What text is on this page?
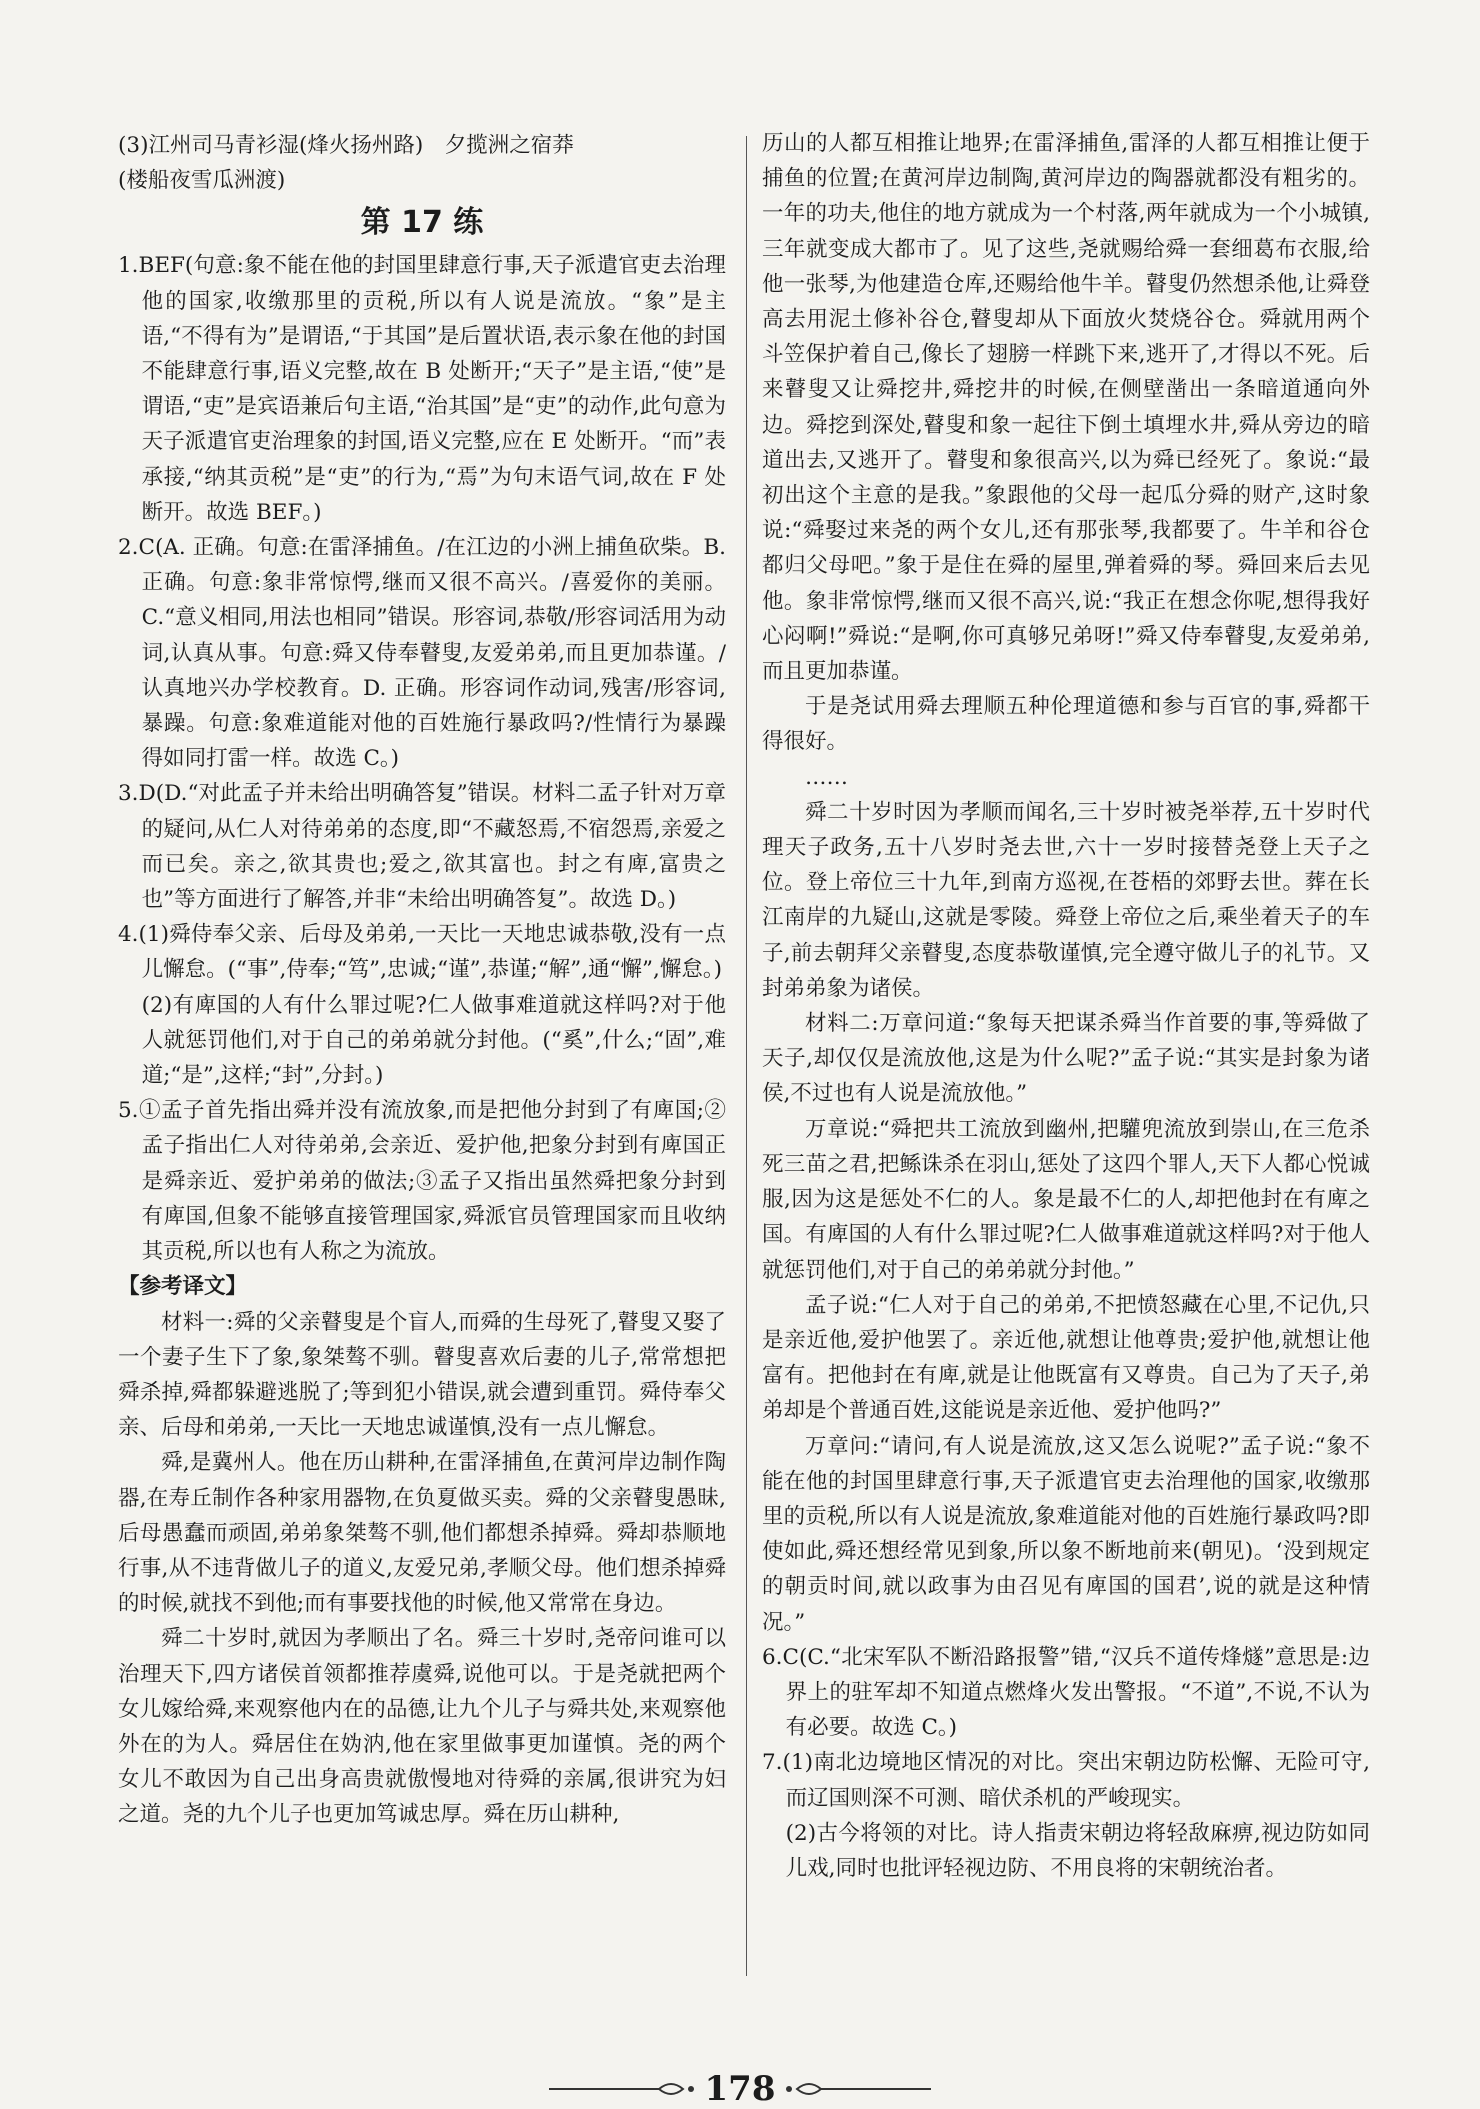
(3)江州司马青衫湿(烽火扬州路)　夕揽洲之宿莽

(楼船夜雪瓜洲渡)

第 17 练

1.BEF(句意:象不能在他的封国里肆意行事,天子派遣官吏去治理他的国家,收缴那里的贡税,所以有人说是流放。“象”是主语,“不得有为”是谓语,“于其国”是后置状语,表示象在他的封国不能肆意行事,语义完整,故在 B 处断开;“天子”是主语,“使”是谓语,“吏”是宾语兼后句主语,“治其国”是“吏”的动作,此句意为天子派遣官吏治理象的封国,语义完整,应在 E 处断开。“而”表承接,“纳其贡税”是“吏”的行为,“焉”为句末语气词,故在 F 处断开。故选 BEF。)

2.C(A. 正确。句意:在雷泽捕鱼。/在江边的小洲上捕鱼砍柴。B. 正确。句意:象非常惊愕,继而又很不高兴。/喜爱你的美丽。C.“意义相同,用法也相同”错误。形容词,恭敬/形容词活用为动词,认真从事。句意:舜又侍奉瞽叟,友爱弟弟,而且更加恭谨。/认真地兴办学校教育。D. 正确。形容词作动词,残害/形容词,暴躁。句意:象难道能对他的百姓施行暴政吗?/性情行为暴躁得如同打雷一样。故选 C。)

3.D(D.“对此孟子并未给出明确答复”错误。材料二孟子针对万章的疑问,从仁人对待弟弟的态度,即“不藏怒焉,不宿怨焉,亲爱之而已矣。亲之,欲其贵也;爱之,欲其富也。封之有庳,富贵之也”等方面进行了解答,并非“未给出明确答复”。故选 D。)

4.(1)舜侍奉父亲、后母及弟弟,一天比一天地忠诚恭敬,没有一点儿懈怠。(“事”,侍奉;“笃”,忠诚;“谨”,恭谨;“解”,通“懈”,懈怠。)

(2)有庳国的人有什么罪过呢?仁人做事难道就这样吗?对于他人就惩罚他们,对于自己的弟弟就分封他。(“奚”,什么;“固”,难道;“是”,这样;“封”,分封。)

5.①孟子首先指出舜并没有流放象,而是把他分封到了有庳国;②孟子指出仁人对待弟弟,会亲近、爱护他,把象分封到有庳国正是舜亲近、爱护弟弟的做法;③孟子又指出虽然舜把象分封到有庳国,但象不能够直接管理国家,舜派官员管理国家而且收纳其贡税,所以也有人称之为流放。

【参考译文】

材料一:舜的父亲瞽叟是个盲人,而舜的生母死了,瞽叟又娶了一个妻子生下了象,象桀骜不驯。瞽叟喜欢后妻的儿子,常常想把舜杀掉,舜都躲避逃脱了;等到犯小错误,就会遭到重罚。舜侍奉父亲、后母和弟弟,一天比一天地忠诚谨慎,没有一点儿懈怠。

舜,是冀州人。他在历山耕种,在雷泽捕鱼,在黄河岸边制作陶器,在寿丘制作各种家用器物,在负夏做买卖。舜的父亲瞽叟愚昧,后母愚蠢而顽固,弟弟象桀骜不驯,他们都想杀掉舜。舜却恭顺地行事,从不违背做儿子的道义,友爱兄弟,孝顺父母。他们想杀掉舜的时候,就找不到他;而有事要找他的时候,他又常常在身边。

舜二十岁时,就因为孝顺出了名。舜三十岁时,尧帝问谁可以治理天下,四方诸侯首领都推荐虞舜,说他可以。于是尧就把两个女儿嫁给舜,来观察他内在的品德,让九个儿子与舜共处,来观察他外在的为人。舜居住在妫汭,他在家里做事更加谨慎。尧的两个女儿不敢因为自己出身高贵就傲慢地对待舜的亲属,很讲究为妇之道。尧的九个儿子也更加笃诚忠厚。舜在历山耕种,

历山的人都互相推让地界;在雷泽捕鱼,雷泽的人都互相推让便于捕鱼的位置;在黄河岸边制陶,黄河岸边的陶器就都没有粗劣的。一年的功夫,他住的地方就成为一个村落,两年就成为一个小城镇,三年就变成大都市了。见了这些,尧就赐给舜一套细葛布衣服,给他一张琴,为他建造仓库,还赐给他牛羊。瞽叟仍然想杀他,让舜登高去用泥土修补谷仓,瞽叟却从下面放火焚烧谷仓。舜就用两个斗笠保护着自己,像长了翅膀一样跳下来,逃开了,才得以不死。后来瞽叟又让舜挖井,舜挖井的时候,在侧壁凿出一条暗道通向外边。舜挖到深处,瞽叟和象一起往下倒土填埋水井,舜从旁边的暗道出去,又逃开了。瞽叟和象很高兴,以为舜已经死了。象说:“最初出这个主意的是我。”象跟他的父母一起瓜分舜的财产,这时象说:“舜娶过来尧的两个女儿,还有那张琴,我都要了。牛羊和谷仓都归父母吧。”象于是住在舜的屋里,弹着舜的琴。舜回来后去见他。象非常惊愕,继而又很不高兴,说:“我正在想念你呢,想得我好心闷啊!”舜说:“是啊,你可真够兄弟呀!”舜又侍奉瞽叟,友爱弟弟,而且更加恭谨。

于是尧试用舜去理顺五种伦理道德和参与百官的事,舜都干得很好。

……

舜二十岁时因为孝顺而闻名,三十岁时被尧举荐,五十岁时代理天子政务,五十八岁时尧去世,六十一岁时接替尧登上天子之位。登上帝位三十九年,到南方巡视,在苍梧的郊野去世。葬在长江南岸的九疑山,这就是零陵。舜登上帝位之后,乘坐着天子的车子,前去朝拜父亲瞽叟,态度恭敬谨慎,完全遵守做儿子的礼节。又封弟弟象为诸侯。

材料二:万章问道:“象每天把谋杀舜当作首要的事,等舜做了天子,却仅仅是流放他,这是为什么呢?”孟子说:“其实是封象为诸侯,不过也有人说是流放他。”

万章说:“舜把共工流放到幽州,把驩兜流放到崇山,在三危杀死三苗之君,把鲧诛杀在羽山,惩处了这四个罪人,天下人都心悦诚服,因为这是惩处不仁的人。象是最不仁的人,却把他封在有庳之国。有庳国的人有什么罪过呢?仁人做事难道就这样吗?对于他人就惩罚他们,对于自己的弟弟就分封他。”

孟子说:“仁人对于自己的弟弟,不把愤怒藏在心里,不记仇,只是亲近他,爱护他罢了。亲近他,就想让他尊贵;爱护他,就想让他富有。把他封在有庳,就是让他既富有又尊贵。自己为了天子,弟弟却是个普通百姓,这能说是亲近他、爱护他吗?”

万章问:“请问,有人说是流放,这又怎么说呢?”孟子说:“象不能在他的封国里肆意行事,天子派遣官吏去治理他的国家,收缴那里的贡税,所以有人说是流放,象难道能对他的百姓施行暴政吗?即使如此,舜还想经常见到象,所以象不断地前来(朝见)。‘没到规定的朝贡时间,就以政事为由召见有庳国的国君’,说的就是这种情况。”

6.C(C.“北宋军队不断沿路报警”错,“汉兵不道传烽燧”意思是:边界上的驻军却不知道点燃烽火发出警报。“不道”,不说,不认为有必要。故选 C。)

7.(1)南北边境地区情况的对比。突出宋朝边防松懈、无险可守,而辽国则深不可测、暗伏杀机的严峻现实。

(2)古今将领的对比。诗人指责宋朝边将轻敌麻痹,视边防如同儿戏,同时也批评轻视边防、不用良将的宋朝统治者。

178
